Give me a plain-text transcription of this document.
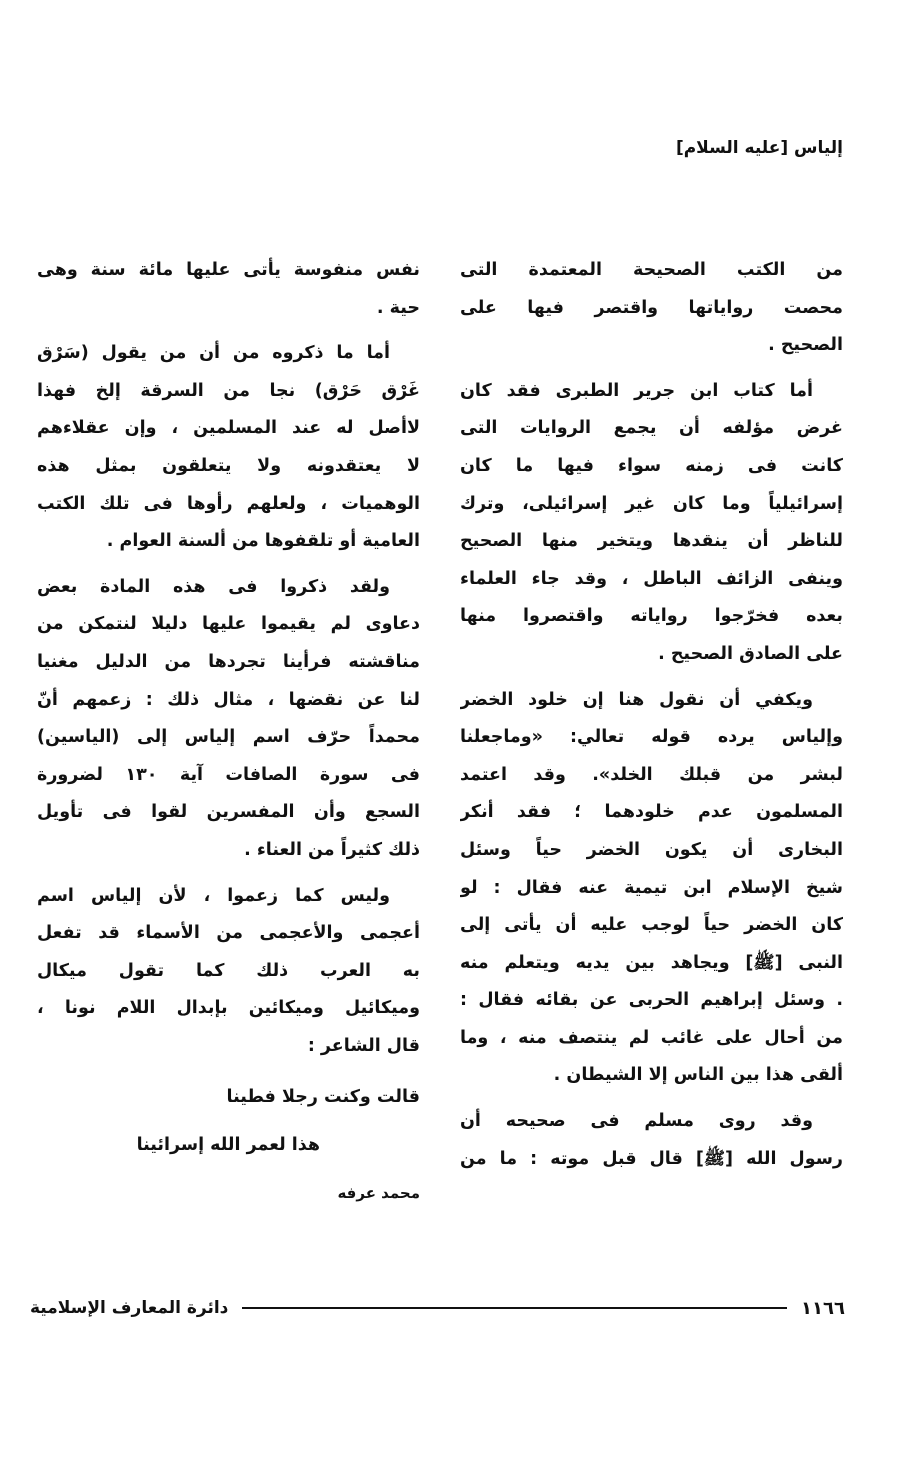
إلياس [عليه السلام]
من الكتب الصحيحة المعتمدة التى
محصت رواياتها واقتصر فيها على
الصحيح .
أما كتاب ابن جرير الطبرى فقد كان
غرض مؤلفه أن يجمع الروايات التى
كانت فى زمنه سواء فيها ما كان
إسرائيلياً وما كان غير إسرائيلى، وترك
للناظر أن ينقدها ويتخير منها الصحيح
وينفى الزائف الباطل ، وقد جاء العلماء
بعده فخرّجوا رواياته واقتصروا منها
على الصادق الصحيح .
ويكفي أن نقول هنا إن خلود الخضر
وإلياس يرده قوله تعالي: «وماجعلنا
لبشر من قبلك الخلد». وقد اعتمد
المسلمون عدم خلودهما ؛ فقد أنكر
البخارى أن يكون الخضر حياً وسئل
شيخ الإسلام ابن تيمية عنه فقال : لو
كان الخضر حياً لوجب عليه أن يأتى إلى
النبى [ﷺ] ويجاهد بين يديه ويتعلم منه
. وسئل إبراهيم الحربى عن بقائه فقال :
من أحال على غائب لم ينتصف منه ، وما
ألقى هذا بين الناس إلا الشيطان .
وقد روى مسلم فى صحيحه أن
رسول الله [ﷺ] قال قبل موته : ما من
نفس منفوسة يأتى عليها مائة سنة وهى
حية .
أما ما ذكروه من أن من يقول (سَرْق
غَرْق حَرْق) نجا من السرقة إلخ فهذا
لاأصل له عند المسلمين ، وإن عقلاءهم
لا يعتقدونه ولا يتعلقون بمثل هذه
الوهميات ، ولعلهم رأوها فى تلك الكتب
العامية أو تلقفوها من ألسنة العوام .
ولقد ذكروا فى هذه المادة بعض
دعاوى لم يقيموا عليها دليلا لنتمكن من
مناقشته فرأينا تجردها من الدليل مغنيا
لنا عن نقضها ، مثال ذلك : زعمهم أنّ
محمداً حرّف اسم إلياس إلى (الياسين)
فى سورة الصافات آية ١٣٠ لضرورة
السجع وأن المفسرين لقوا فى تأويل
ذلك كثيراً من العناء .
وليس كما زعموا ، لأن إلياس اسم
أعجمى والأعجمى من الأسماء قد تفعل
به العرب ذلك كما تقول ميكال
وميكائيل وميكائين بإبدال اللام نونا ،
قال الشاعر :
قالت وكنت رجلا فطينا
هذا لعمر الله إسرائينا
محمد عرفه
١١٦٦
دائرة المعارف الإسلامية
